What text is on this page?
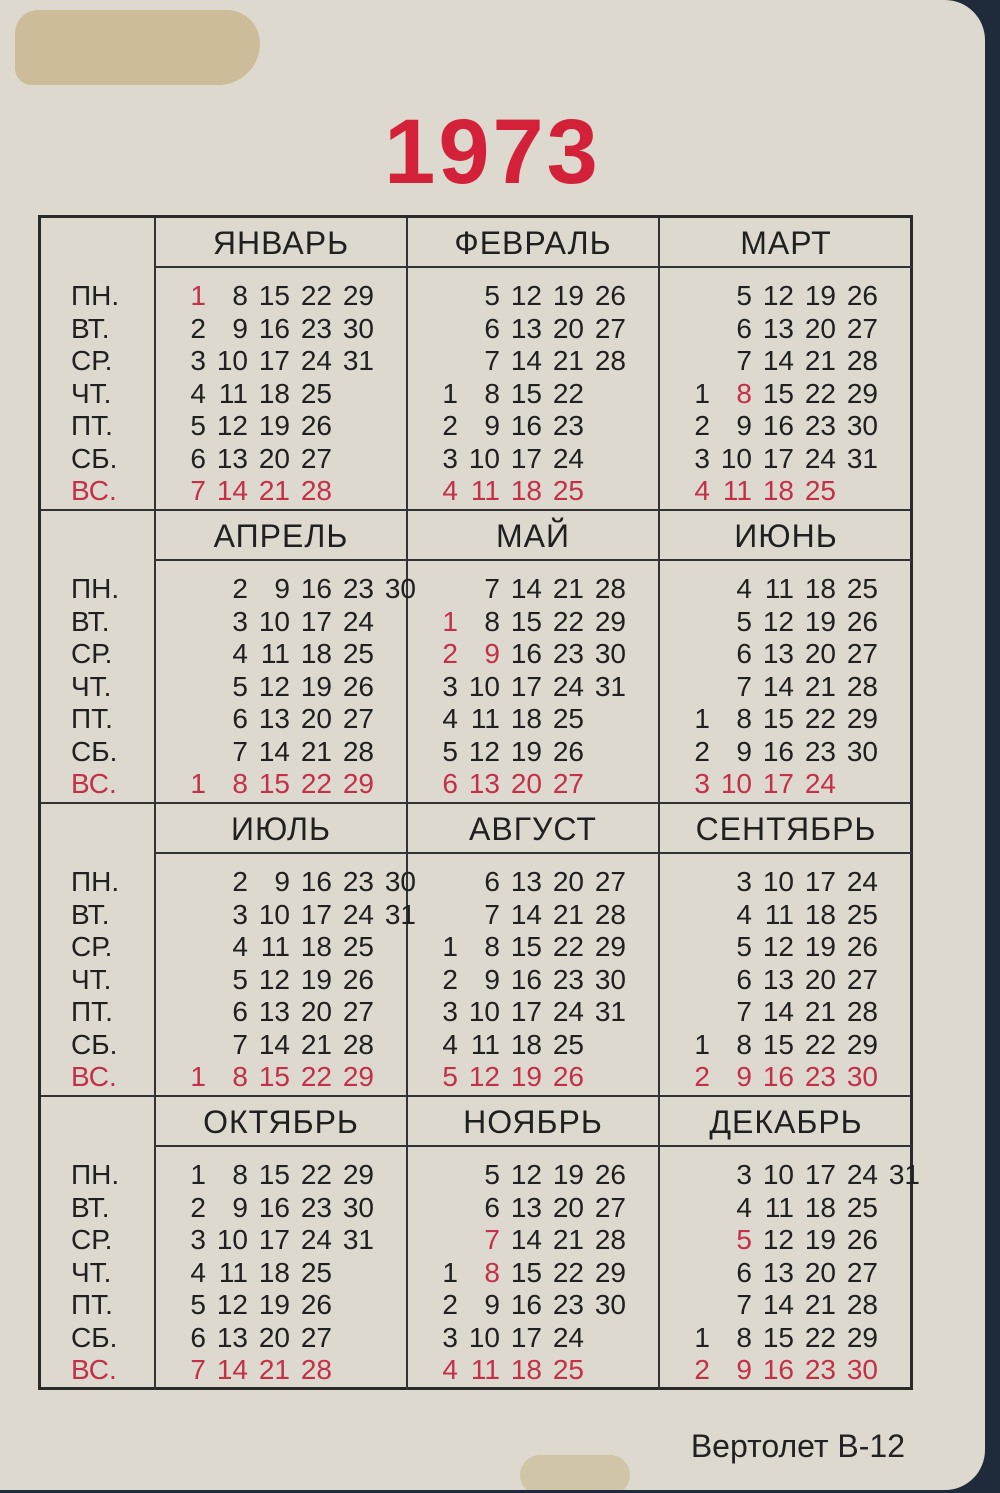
1973
ПН.
ВТ.
СР.
ЧТ.
ПТ.
СБ.
ВС.
ЯНВАРЬ
1
2
3
4
5
6
7
8
9
10
11
12
13
14
15
16
17
18
19
20
21
22
23
24
25
26
27
28
29
30
31
ФЕВРАЛЬ
1
2
3
4
5
6
7
8
9
10
11
12
13
14
15
16
17
18
19
20
21
22
23
24
25
26
27
28
МАРТ
1
2
3
4
5
6
7
8
9
10
11
12
13
14
15
16
17
18
19
20
21
22
23
24
25
26
27
28
29
30
31
ПН.
ВТ.
СР.
ЧТ.
ПТ.
СБ.
ВС.
АПРЕЛЬ
1
2
3
4
5
6
7
8
9
10
11
12
13
14
15
16
17
18
19
20
21
22
23
24
25
26
27
28
29
30
МАЙ
1
2
3
4
5
6
7
8
9
10
11
12
13
14
15
16
17
18
19
20
21
22
23
24
25
26
27
28
29
30
31
ИЮНЬ
1
2
3
4
5
6
7
8
9
10
11
12
13
14
15
16
17
18
19
20
21
22
23
24
25
26
27
28
29
30
ПН.
ВТ.
СР.
ЧТ.
ПТ.
СБ.
ВС.
ИЮЛЬ
1
2
3
4
5
6
7
8
9
10
11
12
13
14
15
16
17
18
19
20
21
22
23
24
25
26
27
28
29
30
31
АВГУСТ
1
2
3
4
5
6
7
8
9
10
11
12
13
14
15
16
17
18
19
20
21
22
23
24
25
26
27
28
29
30
31
СЕНТЯБРЬ
1
2
3
4
5
6
7
8
9
10
11
12
13
14
15
16
17
18
19
20
21
22
23
24
25
26
27
28
29
30
ПН.
ВТ.
СР.
ЧТ.
ПТ.
СБ.
ВС.
ОКТЯБРЬ
1
2
3
4
5
6
7
8
9
10
11
12
13
14
15
16
17
18
19
20
21
22
23
24
25
26
27
28
29
30
31
НОЯБРЬ
1
2
3
4
5
6
7
8
9
10
11
12
13
14
15
16
17
18
19
20
21
22
23
24
25
26
27
28
29
30
ДЕКАБРЬ
1
2
3
4
5
6
7
8
9
10
11
12
13
14
15
16
17
18
19
20
21
22
23
24
25
26
27
28
29
30
31
Вертолет В-12
